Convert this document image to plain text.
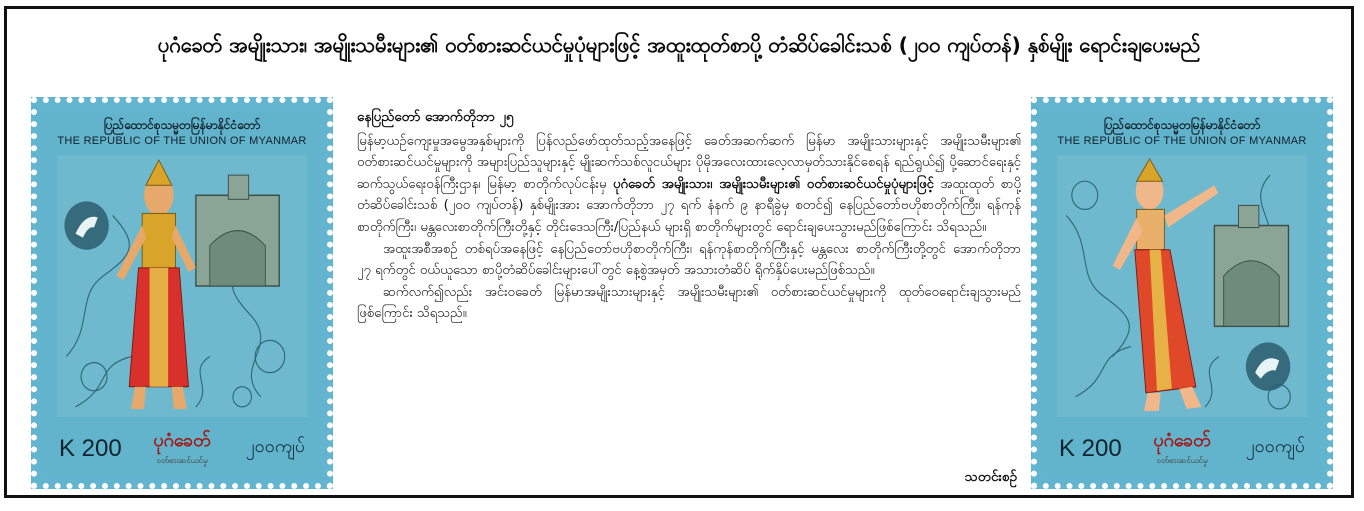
ပုဂံခေတ် အမျိုးသား၊ အမျိုးသမီးများ၏ ဝတ်စားဆင်ယင်မှုပုံများဖြင့် အထူးထုတ်စာပို့ တံဆိပ်ခေါင်းသစ် (၂၀၀ ကျပ်တန်) နှစ်မျိုး ရောင်းချပေးမည်
ပြည်ထောင်စုသမ္မတမြန်မာနိုင်ငံတော်
THE REPUBLIC OF THE UNION OF MYANMAR
K 200	ပုဂံခေတ်
ဝတ်စားဆင်ယင်မှု
၂၀၀ကျပ်
နေပြည်တော် အောက်တိုဘာ ၂၅

မြန်မာ့ယဉ်ကျေးမှုအမွေအနှစ်များကို ပြန်လည်ဖော်ထုတ်သည့်အနေဖြင့် ခေတ်အဆက်ဆက် မြန်မာ အမျိုးသားများနှင့် အမျိုးသမီးများ၏ ဝတ်စားဆင်ယင်မှုများကို အများပြည်သူများနှင့် မျိုးဆက်သစ်လူငယ်များ ပိုမိုအလေးထားလေ့လာမှတ်သားနိုင်စေရန် ရည်ရွယ်၍ ပို့ဆောင်ရေးနှင့်ဆက်သွယ်ရေးဝန်ကြီးဌာန၊ မြန်မာ့ စာတိုက်လုပ်ငန်းမှ ပုဂံခေတ် အမျိုးသား၊ အမျိုးသမီးများ၏ ဝတ်စားဆင်ယင်မှုပုံများဖြင့် အထူးထုတ် စာပို့ တံဆိပ်ခေါင်းသစ် (၂၀၀ ကျပ်တန်) နှစ်မျိုးအား အောက်တိုဘာ ၂၇ ရက် နံနက် ၉ နာရီခွဲမှ စတင်၍ နေပြည်တော်ဗဟိုစာတိုက်ကြီး၊ ရန်ကုန်စာတိုက်ကြီး၊ မန္တလေးစာတိုက်ကြီးတို့နှင့် တိုင်းဒေသကြီး/ပြည်နယ် များရှိ စာတိုက်များတွင် ရောင်းချပေးသွားမည်ဖြစ်ကြောင်း သိရသည်။

အထူးအစီအစဉ် တစ်ရပ်အနေဖြင့် နေပြည်တော်ဗဟိုစာတိုက်ကြီး၊ ရန်ကုန်စာတိုက်ကြီးနှင့် မန္တလေး စာတိုက်ကြီးတို့တွင် အောက်တိုဘာ ၂၇ ရက်တွင် ဝယ်ယူသော စာပို့တံဆိပ်ခေါင်းများပေါ်တွင် နေ့စွဲအမှတ် အသားတံဆိပ် ရိုက်နှိပ်ပေးမည်ဖြစ်သည်။

ဆက်လက်၍လည်း အင်းဝခေတ် မြန်မာအမျိုးသားများနှင့် အမျိုးသမီးများ၏ ဝတ်စားဆင်ယင်မှုများကို ထုတ်ဝေရောင်းချသွားမည်ဖြစ်ကြောင်း သိရသည်။

သတင်းစဉ်
ပြည်ထောင်စုသမ္မတမြန်မာနိုင်ငံတော်
THE REPUBLIC OF THE UNION OF MYANMAR
K 200	ပုဂံခေတ်
ဝတ်စားဆင်ယင်မှု
၂၀၀ကျပ်
